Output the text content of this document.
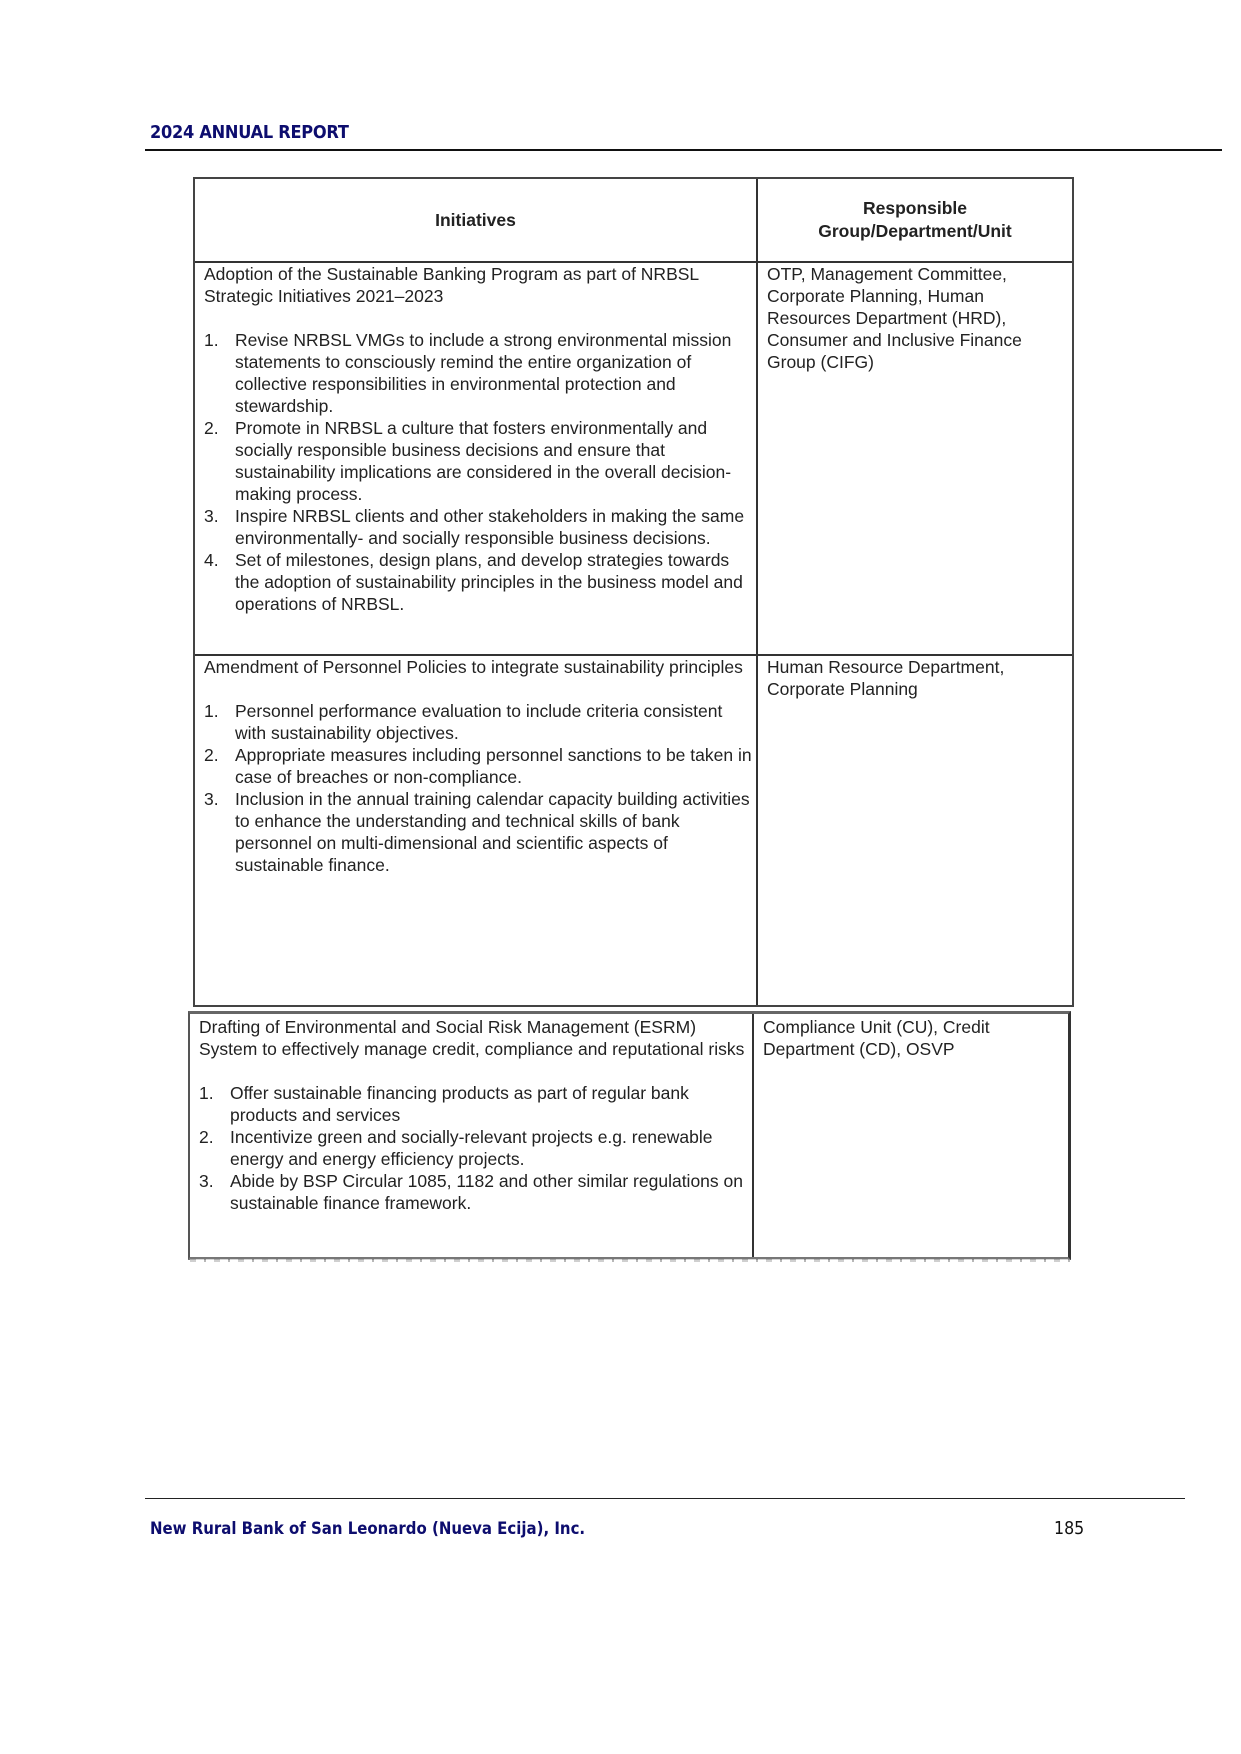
2024 ANNUAL REPORT
Initiatives
Responsible
Group/Department/Unit

Adoption of the Sustainable Banking Program as part of NRBSL Strategic Initiatives 2021–2023

1. Revise NRBSL VMGs to include a strong environmental mission statements to consciously remind the entire organization of collective responsibilities in environmental protection and stewardship.
2. Promote in NRBSL a culture that fosters environmentally and socially responsible business decisions and ensure that sustainability implications are considered in the overall decision-making process.
3. Inspire NRBSL clients and other stakeholders in making the same environmentally- and socially responsible business decisions.
4. Set of milestones, design plans, and develop strategies towards the adoption of sustainability principles in the business model and operations of NRBSL.
OTP, Management Committee, Corporate Planning, Human Resources Department (HRD), Consumer and Inclusive Finance Group (CIFG)

Amendment of Personnel Policies to integrate sustainability principles

1. Personnel performance evaluation to include criteria consistent with sustainability objectives.
2. Appropriate measures including personnel sanctions to be taken in case of breaches or non-compliance.
3. Inclusion in the annual training calendar capacity building activities to enhance the understanding and technical skills of bank personnel on multi-dimensional and scientific aspects of sustainable finance.
Human Resource Department, Corporate Planning

Drafting of Environmental and Social Risk Management (ESRM) System to effectively manage credit, compliance and reputational risks

1. Offer sustainable financing products as part of regular bank products and services
2. Incentivize green and socially-relevant projects e.g. renewable energy and energy efficiency projects.
3. Abide by BSP Circular 1085, 1182 and other similar regulations on sustainable finance framework.
Compliance Unit (CU), Credit Department (CD), OSVP
New Rural Bank of San Leonardo (Nueva Ecija), Inc.	185
